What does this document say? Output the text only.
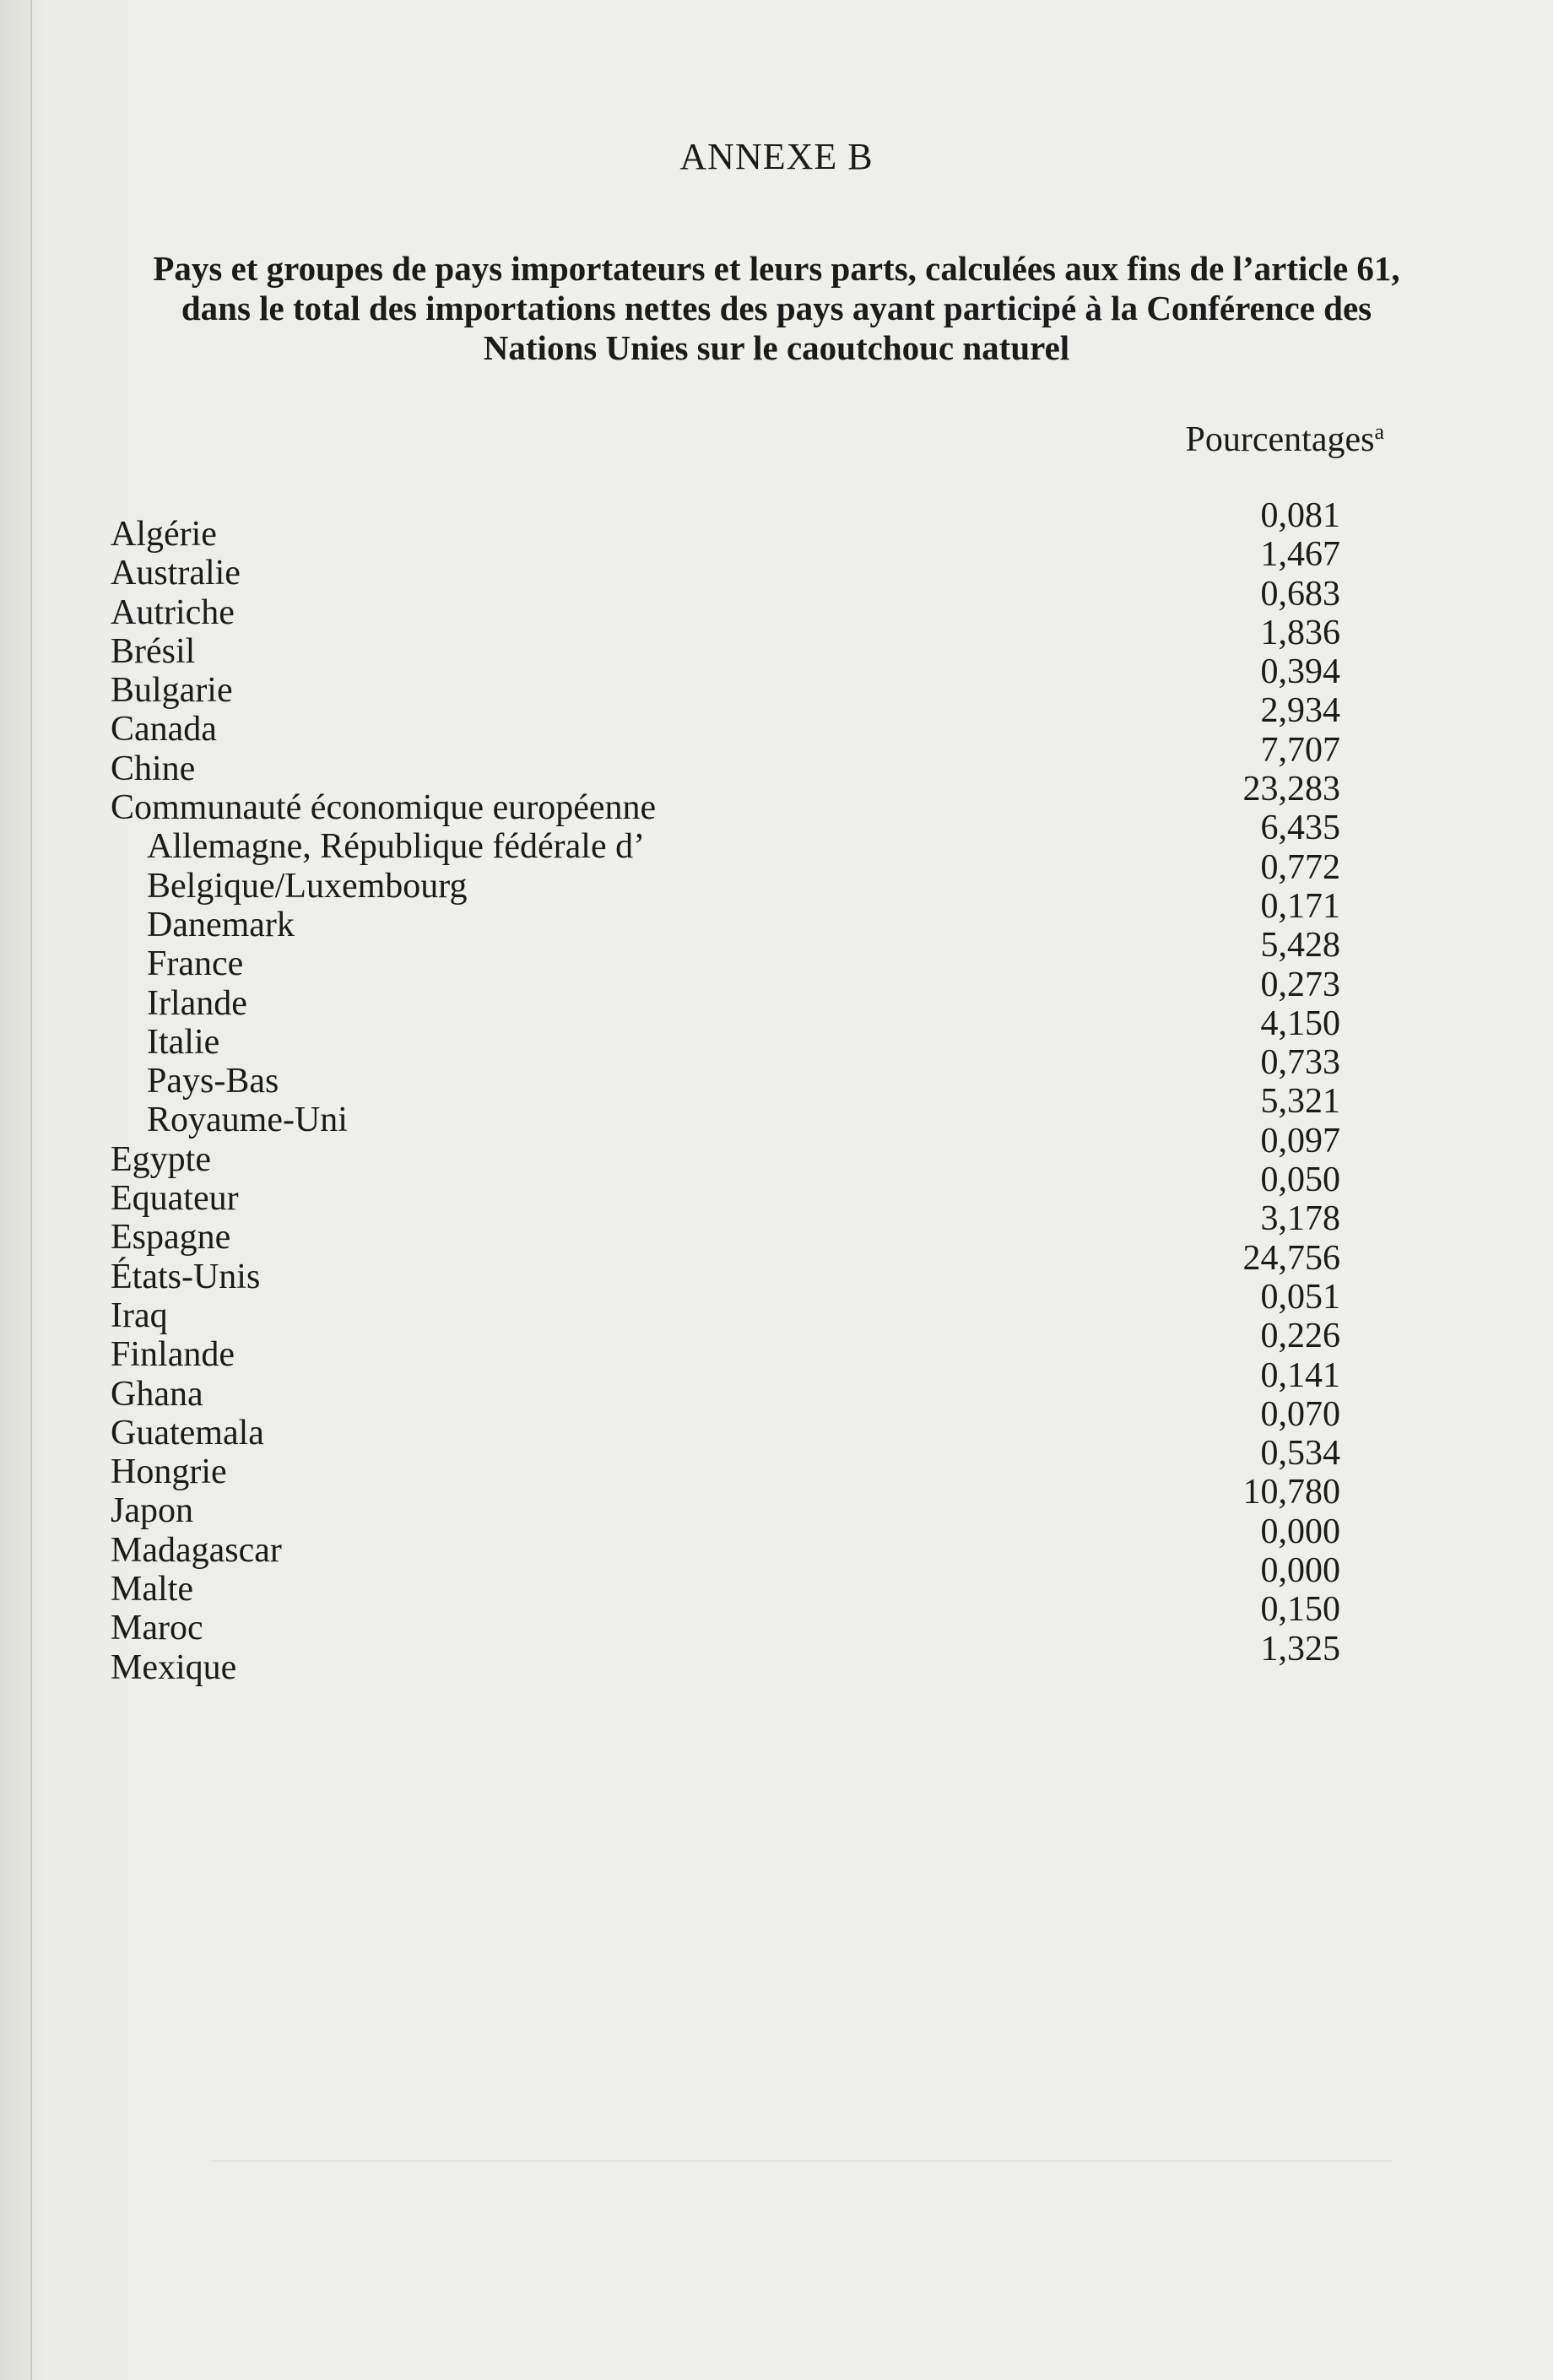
ANNEXE B
Pays et groupes de pays importateurs et leurs parts, calculées aux fins de l’article 61, dans le total des importations nettes des pays ayant participé à la Conférence des Nations Unies sur le caoutchouc naturel
Pourcentages$^a$
Algérie
Australie
Autriche
Brésil
Bulgarie
Canada
Chine
Communauté économique européenne
Allemagne, République fédérale d’
Belgique/Luxembourg
Danemark
France
Irlande
Italie
Pays-Bas
Royaume-Uni
Egypte
Equateur
Espagne
États-Unis
Iraq
Finlande
Ghana
Guatemala
Hongrie
Japon
Madagascar
Malte
Maroc
Mexique
0,081
1,467
0,683
1,836
0,394
2,934
7,707
23,283
6,435
0,772
0,171
5,428
0,273
4,150
0,733
5,321
0,097
0,050
3,178
24,756
0,051
0,226
0,141
0,070
0,534
10,780
0,000
0,000
0,150
1,325
